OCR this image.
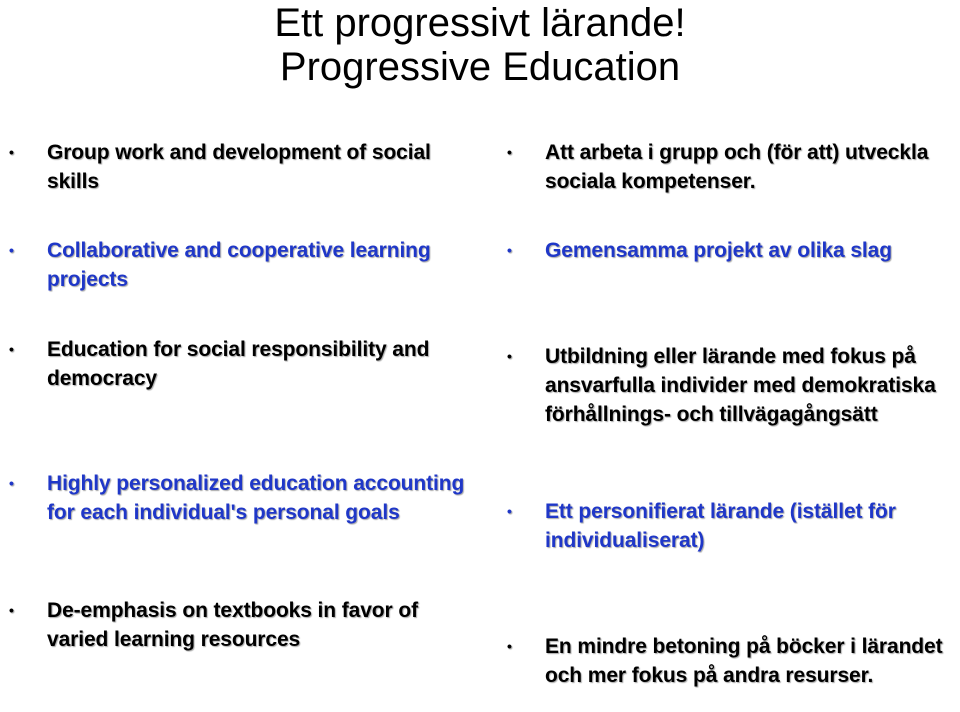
Ett progressivt lärande!
Progressive Education
• Group work and development of social skills
• Collaborative and cooperative learning projects
• Education for social responsibility and democracy
• Highly personalized education accounting for each individual's personal goals
• De-emphasis on textbooks in favor of varied learning resources
• Att arbeta i grupp och (för att) utveckla sociala kompetenser.
• Gemensamma projekt av olika slag
• Utbildning eller lärande med fokus på ansvarfulla individer med demokratiska förhållnings- och tillvägagångsätt
• Ett personifierat lärande (istället för individualiserat)
• En mindre betoning på böcker i lärandet och mer fokus på andra resurser.
